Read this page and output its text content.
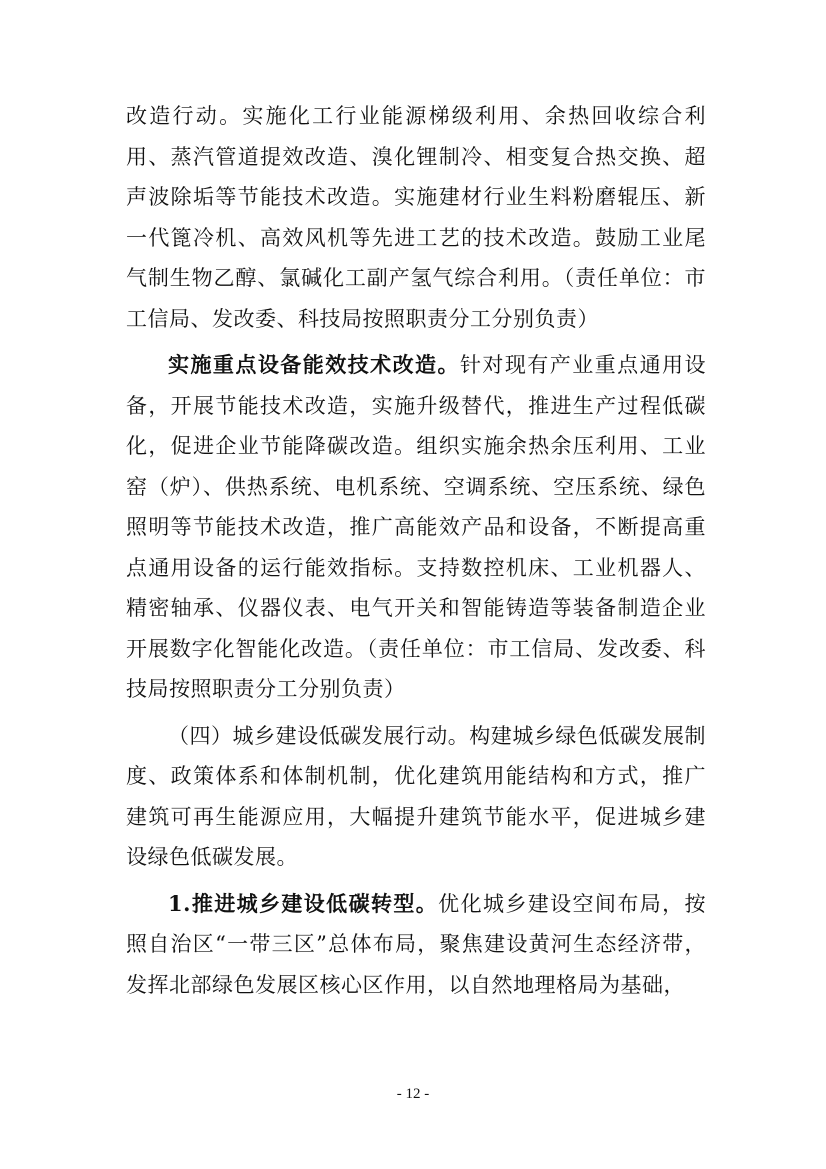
改造行动。实施化工行业能源梯级利用、余热回收综合利用、蒸汽管道提效改造、溴化锂制冷、相变复合热交换、超声波除垢等节能技术改造。实施建材行业生料粉磨辊压、新一代篦冷机、高效风机等先进工艺的技术改造。鼓励工业尾气制生物乙醇、氯碱化工副产氢气综合利用。（责任单位：市工信局、发改委、科技局按照职责分工分别负责）

实施重点设备能效技术改造。针对现有产业重点通用设备，开展节能技术改造，实施升级替代，推进生产过程低碳化，促进企业节能降碳改造。组织实施余热余压利用、工业窑（炉）、供热系统、电机系统、空调系统、空压系统、绿色照明等节能技术改造，推广高能效产品和设备，不断提高重点通用设备的运行能效指标。支持数控机床、工业机器人、精密轴承、仪器仪表、电气开关和智能铸造等装备制造企业开展数字化智能化改造。（责任单位：市工信局、发改委、科技局按照职责分工分别负责）

（四）城乡建设低碳发展行动。构建城乡绿色低碳发展制度、政策体系和体制机制，优化建筑用能结构和方式，推广建筑可再生能源应用，大幅提升建筑节能水平，促进城乡建设绿色低碳发展。

1.推进城乡建设低碳转型。优化城乡建设空间布局，按照自治区“一带三区”总体布局，聚焦建设黄河生态经济带，发挥北部绿色发展区核心区作用，以自然地理格局为基础，

- 12 -
